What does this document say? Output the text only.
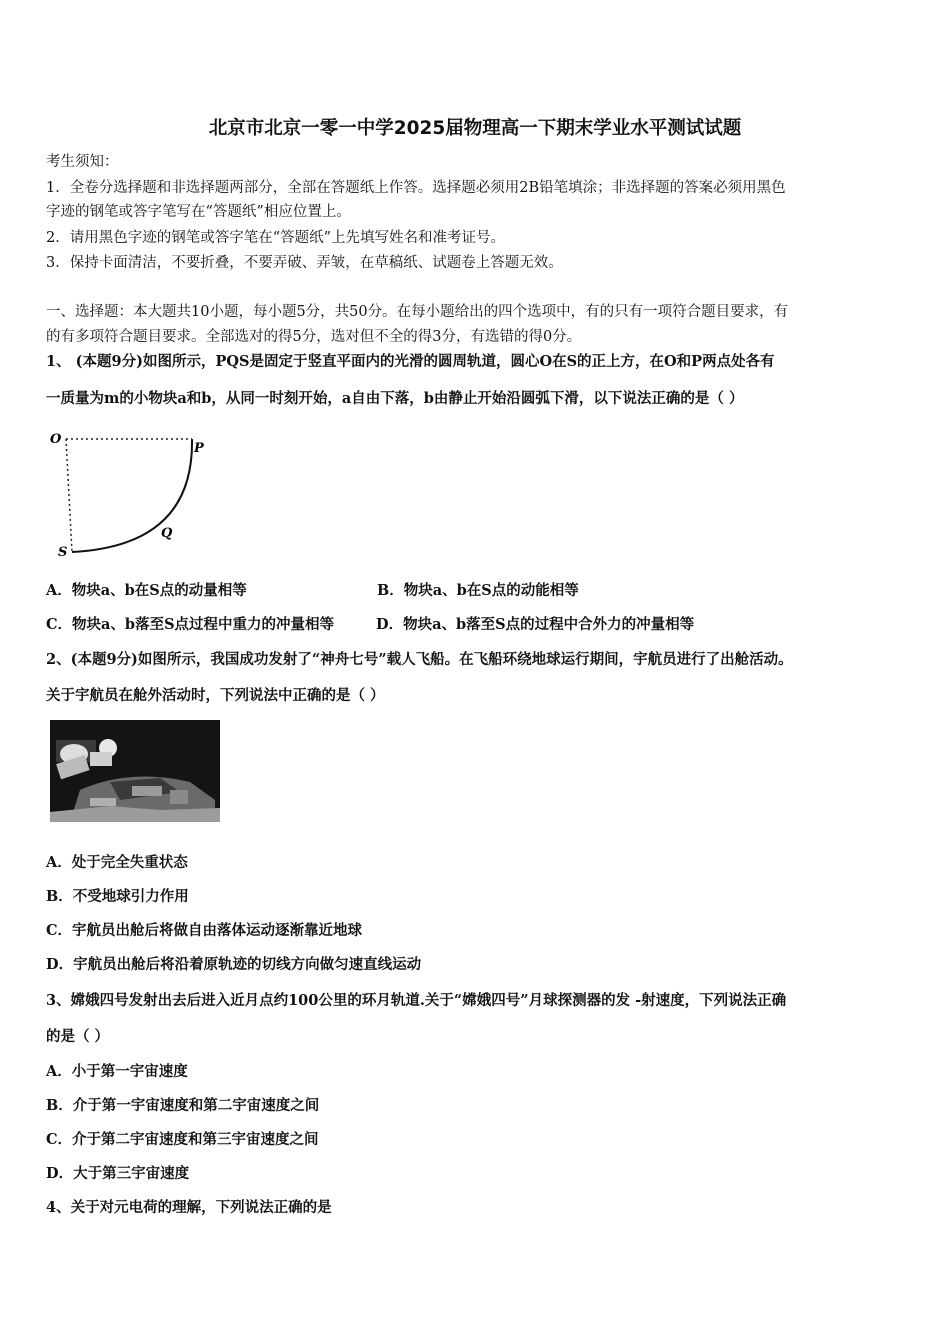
北京市北京一零一中学2025届物理高一下期末学业水平测试试题
考生须知：
1．全卷分选择题和非选择题两部分，全部在答题纸上作答。选择题必须用2B铅笔填涂；非选择题的答案必须用黑色
字迹的钢笔或答字笔写在“答题纸”相应位置上。
2．请用黑色字迹的钢笔或答字笔在“答题纸”上先填写姓名和准考证号。
3．保持卡面清洁，不要折叠，不要弄破、弄皱，在草稿纸、试题卷上答题无效。
一、选择题：本大题共10小题，每小题5分，共50分。在每小题给出的四个选项中，有的只有一项符合题目要求，有
的有多项符合题目要求。全部选对的得5分，选对但不全的得3分，有选错的得0分。
1、 (本题9分)如图所示，PQS是固定于竖直平面内的光滑的圆周轨道，圆心O在S的正上方，在O和P两点处各有
一质量为m的小物块a和b，从同一时刻开始，a自由下落，b由静止开始沿圆弧下滑，以下说法正确的是（ ）
O
P
Q
S
A．物块a、b在S点的动量相等	B．物块a、b在S点的动能相等
C．物块a、b落至S点过程中重力的冲量相等	D．物块a、b落至S点的过程中合外力的冲量相等
2、(本题9分)如图所示，我国成功发射了“神舟七号”载人飞船。在飞船环绕地球运行期间，宇航员进行了出舱活动。
关于宇航员在舱外活动时，下列说法中正确的是（ ）
A．处于完全失重状态
B．不受地球引力作用
C．宇航员出舱后将做自由落体运动逐渐靠近地球
D．宇航员出舱后将沿着原轨迹的切线方向做匀速直线运动
3、嫦娥四号发射出去后进入近月点约100公里的环月轨道.关于“嫦娥四号”月球探测器的发 -射速度，下列说法正确
的是（ ）
A．小于第一宇宙速度
B．介于第一宇宙速度和第二宇宙速度之间
C．介于第二宇宙速度和第三宇宙速度之间
D．大于第三宇宙速度
4、关于对元电荷的理解，下列说法正确的是
